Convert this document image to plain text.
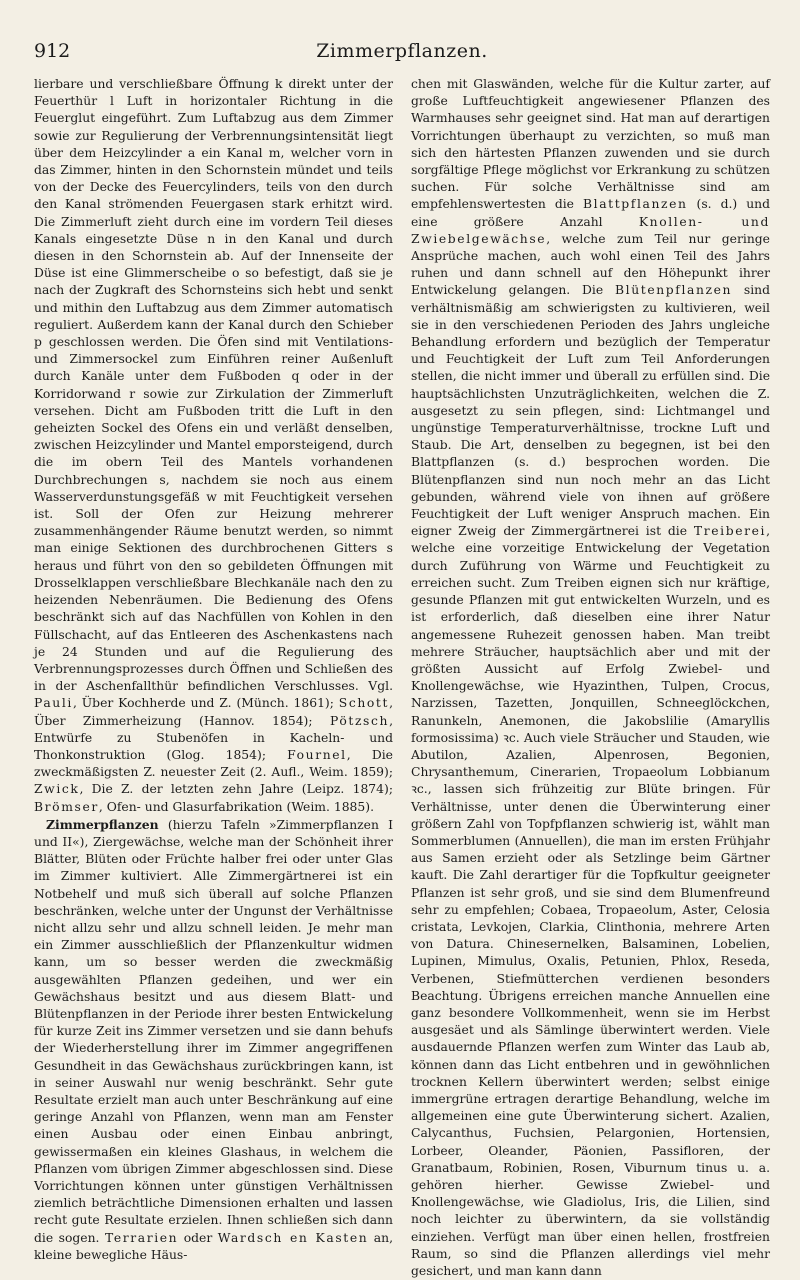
912	Zimmerpflanzen.

lierbare und verschließbare Öffnung k direkt unter der Feuerthür l Luft in horizontaler Richtung in die Feuerglut eingeführt. Zum Luftabzug aus dem Zimmer sowie zur Regulierung der Verbrennungsintensität liegt über dem Heizcylinder a ein Kanal m, welcher vorn in das Zimmer, hinten in den Schornstein mündet und teils von der Decke des Feuercylinders, teils von den durch den Kanal strömenden Feuergasen stark erhitzt wird. Die Zimmerluft zieht durch eine im vordern Teil dieses Kanals eingesetzte Düse n in den Kanal und durch diesen in den Schornstein ab. Auf der Innenseite der Düse ist eine Glimmerscheibe o so befestigt, daß sie je nach der Zugkraft des Schornsteins sich hebt und senkt und mithin den Luftabzug aus dem Zimmer automatisch reguliert. Außerdem kann der Kanal durch den Schieber p geschlossen werden. Die Öfen sind mit Ventilations- und Zimmersockel zum Einführen reiner Außenluft durch Kanäle unter dem Fußboden q oder in der Korridorwand r sowie zur Zirkulation der Zimmerluft versehen. Dicht am Fußboden tritt die Luft in den geheizten Sockel des Ofens ein und verläßt denselben, zwischen Heizcylinder und Mantel emporsteigend, durch die im obern Teil des Mantels vorhandenen Durchbrechungen s, nachdem sie noch aus einem Wasserverdunstungsgefäß w mit Feuchtigkeit versehen ist. Soll der Ofen zur Heizung mehrerer zusammenhängender Räume benutzt werden, so nimmt man einige Sektionen des durchbrochenen Gitters s heraus und führt von den so gebildeten Öffnungen mit Drosselklappen verschließbare Blechkanäle nach den zu heizenden Nebenräumen. Die Bedienung des Ofens beschränkt sich auf das Nachfüllen von Kohlen in den Füllschacht, auf das Entleeren des Aschenkastens nach je 24 Stunden und auf die Regulierung des Verbrennungsprozesses durch Öffnen und Schließen des in der Aschenfallthür befindlichen Verschlusses. Vgl. Pauli, Über Kochherde und Z. (Münch. 1861); Schott, Über Zimmerheizung (Hannov. 1854); Pötzsch, Entwürfe zu Stubenöfen in Kacheln- und Thonkonstruktion (Glog. 1854); Fournel, Die zweckmäßigsten Z. neuester Zeit (2. Aufl., Weim. 1859); Zwick, Die Z. der letzten zehn Jahre (Leipz. 1874); Brömser, Ofen- und Glasurfabrikation (Weim. 1885).

Zimmerpflanzen (hierzu Tafeln »Zimmerpflanzen I und II«), Ziergewächse, welche man der Schönheit ihrer Blätter, Blüten oder Früchte halber frei oder unter Glas im Zimmer kultiviert. Alle Zimmergärtnerei ist ein Notbehelf und muß sich überall auf solche Pflanzen beschränken, welche unter der Ungunst der Verhältnisse nicht allzu sehr und allzu schnell leiden. Je mehr man ein Zimmer ausschließlich der Pflanzenkultur widmen kann, um so besser werden die zweckmäßig ausgewählten Pflanzen gedeihen, und wer ein Gewächshaus besitzt und aus diesem Blatt- und Blütenpflanzen in der Periode ihrer besten Entwickelung für kurze Zeit ins Zimmer versetzen und sie dann behufs der Wiederherstellung ihrer im Zimmer angegriffenen Gesundheit in das Gewächshaus zurückbringen kann, ist in seiner Auswahl nur wenig beschränkt. Sehr gute Resultate erzielt man auch unter Beschränkung auf eine geringe Anzahl von Pflanzen, wenn man am Fenster einen Ausbau oder einen Einbau anbringt, gewissermaßen ein kleines Glashaus, in welchem die Pflanzen vom übrigen Zimmer abgeschlossen sind. Diese Vorrichtungen können unter günstigen Verhältnissen ziemlich beträchtliche Dimensionen erhalten und lassen recht gute Resultate erzielen. Ihnen schließen sich dann die sogen. Terrarien oder Wardsch en Kasten an, kleine bewegliche Häus-

chen mit Glaswänden, welche für die Kultur zarter, auf große Luftfeuchtigkeit angewiesener Pflanzen des Warmhauses sehr geeignet sind. Hat man auf derartigen Vorrichtungen überhaupt zu verzichten, so muß man sich den härtesten Pflanzen zuwenden und sie durch sorgfältige Pflege möglichst vor Erkrankung zu schützen suchen. Für solche Verhältnisse sind am empfehlenswertesten die Blattpflanzen (s. d.) und eine größere Anzahl Knollen- und Zwiebelgewächse, welche zum Teil nur geringe Ansprüche machen, auch wohl einen Teil des Jahrs ruhen und dann schnell auf den Höhepunkt ihrer Entwickelung gelangen. Die Blütenpflanzen sind verhältnismäßig am schwierigsten zu kultivieren, weil sie in den verschiedenen Perioden des Jahrs ungleiche Behandlung erfordern und bezüglich der Temperatur und Feuchtigkeit der Luft zum Teil Anforderungen stellen, die nicht immer und überall zu erfüllen sind. Die hauptsächlichsten Unzuträglichkeiten, welchen die Z. ausgesetzt zu sein pflegen, sind: Lichtmangel und ungünstige Temperaturverhältnisse, trockne Luft und Staub. Die Art, denselben zu begegnen, ist bei den Blattpflanzen (s. d.) besprochen worden. Die Blütenpflanzen sind nun noch mehr an das Licht gebunden, während viele von ihnen auf größere Feuchtigkeit der Luft weniger Anspruch machen. Ein eigner Zweig der Zimmergärtnerei ist die Treiberei, welche eine vorzeitige Entwickelung der Vegetation durch Zuführung von Wärme und Feuchtigkeit zu erreichen sucht. Zum Treiben eignen sich nur kräftige, gesunde Pflanzen mit gut entwickelten Wurzeln, und es ist erforderlich, daß dieselben eine ihrer Natur angemessene Ruhezeit genossen haben. Man treibt mehrere Sträucher, hauptsächlich aber und mit der größten Aussicht auf Erfolg Zwiebel- und Knollengewächse, wie Hyazinthen, Tulpen, Crocus, Narzissen, Tazetten, Jonquillen, Schneeglöckchen, Ranunkeln, Anemonen, die Jakobslilie (Amaryllis formosissima) ꝛc. Auch viele Sträucher und Stauden, wie Abutilon, Azalien, Alpenrosen, Begonien, Chrysanthemum, Cinerarien, Tropaeolum Lobbianum ꝛc., lassen sich frühzeitig zur Blüte bringen. Für Verhältnisse, unter denen die Überwinterung einer größern Zahl von Topfpflanzen schwierig ist, wählt man Sommerblumen (Annuellen), die man im ersten Frühjahr aus Samen erzieht oder als Setzlinge beim Gärtner kauft. Die Zahl derartiger für die Topfkultur geeigneter Pflanzen ist sehr groß, und sie sind dem Blumenfreund sehr zu empfehlen; Cobaea, Tropaeolum, Aster, Celosia cristata, Levkojen, Clarkia, Clinthonia, mehrere Arten von Datura. Chinesernelken, Balsaminen, Lobelien, Lupinen, Mimulus, Oxalis, Petunien, Phlox, Reseda, Verbenen, Stiefmütterchen verdienen besonders Beachtung. Übrigens erreichen manche Annuellen eine ganz besondere Vollkommenheit, wenn sie im Herbst ausgesäet und als Sämlinge überwintert werden. Viele ausdauernde Pflanzen werfen zum Winter das Laub ab, können dann das Licht entbehren und in gewöhnlichen trocknen Kellern überwintert werden; selbst einige immergrüne ertragen derartige Behandlung, welche im allgemeinen eine gute Überwinterung sichert. Azalien, Calycanthus, Fuchsien, Pelargonien, Hortensien, Lorbeer, Oleander, Päonien, Passifloren, der Granatbaum, Robinien, Rosen, Viburnum tinus u. a. gehören hierher. Gewisse Zwiebel- und Knollengewächse, wie Gladiolus, Iris, die Lilien, sind noch leichter zu überwintern, da sie vollständig einziehen. Verfügt man über einen hellen, frostfreien Raum, so sind die Pflanzen allerdings viel mehr gesichert, und man kann dann
